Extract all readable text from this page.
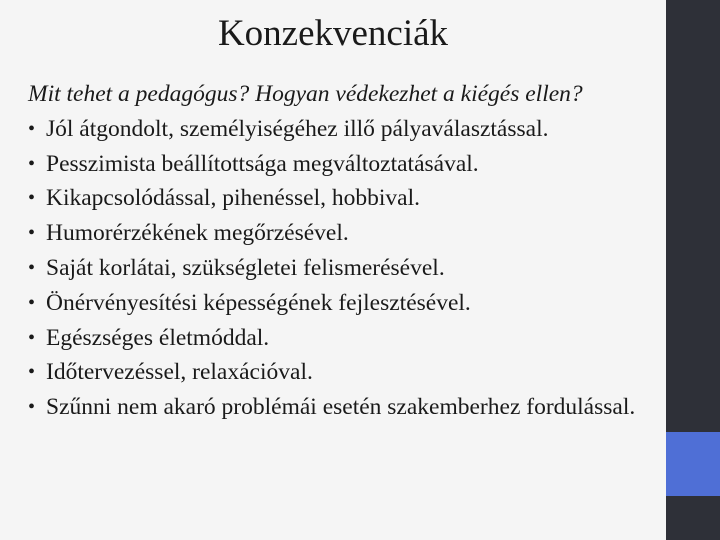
Konzekvenciák
Mit tehet a pedagógus? Hogyan védekezhet a kiégés ellen?
• Jól átgondolt, személyiségéhez illő pályaválasztással.
• Pesszimista beállítottsága megváltoztatásával.
• Kikapcsolódással, pihenéssel, hobbival.
• Humorérzékének megőrzésével.
• Saját korlátai, szükségletei felismerésével.
• Önérvényesítési képességének fejlesztésével.
• Egészséges életmóddal.
• Időtervezéssel, relaxációval.
• Szűnni nem akaró problémái esetén szakemberhez fordulással.
